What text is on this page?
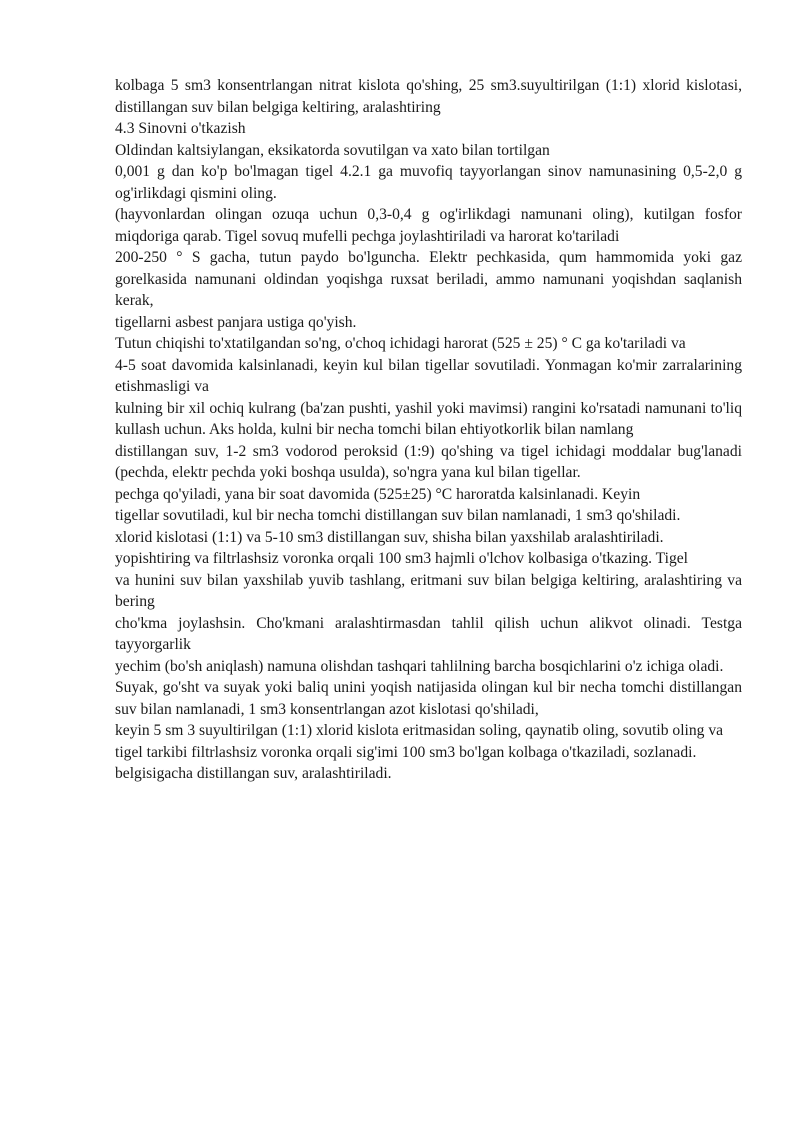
kolbaga 5 sm3 konsentrlangan nitrat kislota qo'shing, 25 sm3.suyultirilgan (1:1) xlorid kislotasi, distillangan suv bilan belgiga keltiring, aralashtiring

4.3 Sinovni o'tkazish

Oldindan kaltsiylangan, eksikatorda sovutilgan va xato bilan tortilgan

0,001 g dan ko'p bo'lmagan tigel 4.2.1 ga muvofiq tayyorlangan sinov namunasining 0,5-2,0 g og'irlikdagi qismini oling.

(hayvonlardan olingan ozuqa uchun 0,3-0,4 g og'irlikdagi namunani oling), kutilgan fosfor miqdoriga qarab. Tigel sovuq mufelli pechga joylashtiriladi va harorat ko'tariladi

200-250 ° S gacha, tutun paydo bo'lguncha. Elektr pechkasida, qum hammomida yoki gaz gorelkasida namunani oldindan yoqishga ruxsat beriladi, ammo namunani yoqishdan saqlanish kerak,

tigellarni asbest panjara ustiga qo'yish.

Tutun chiqishi to'xtatilgandan so'ng, o'choq ichidagi harorat (525 ± 25) ° C ga ko'tariladi va

4-5 soat davomida kalsinlanadi, keyin kul bilan tigellar sovutiladi. Yonmagan ko'mir zarralarining etishmasligi va

kulning bir xil ochiq kulrang (ba'zan pushti, yashil yoki mavimsi) rangini ko'rsatadi namunani to'liq kullash uchun. Aks holda, kulni bir necha tomchi bilan ehtiyotkorlik bilan namlang

distillangan suv, 1-2 sm3 vodorod peroksid (1:9) qo'shing va tigel ichidagi moddalar bug'lanadi (pechda, elektr pechda yoki boshqa usulda), so'ngra yana kul bilan tigellar.

pechga qo'yiladi, yana bir soat davomida (525±25) °C haroratda kalsinlanadi. Keyin

tigellar sovutiladi, kul bir necha tomchi distillangan suv bilan namlanadi, 1 sm3 qo'shiladi.

xlorid kislotasi (1:1) va 5-10 sm3 distillangan suv, shisha bilan yaxshilab aralashtiriladi.

yopishtiring va filtrlashsiz voronka orqali 100 sm3 hajmli o'lchov kolbasiga o'tkazing. Tigel

va hunini suv bilan yaxshilab yuvib tashlang, eritmani suv bilan belgiga keltiring, aralashtiring va bering

cho'kma joylashsin. Cho'kmani aralashtirmasdan tahlil qilish uchun alikvot olinadi. Testga tayyorgarlik

yechim (bo'sh aniqlash) namuna olishdan tashqari tahlilning barcha bosqichlarini o'z ichiga oladi.

Suyak, go'sht va suyak yoki baliq unini yoqish natijasida olingan kul bir necha tomchi distillangan suv bilan namlanadi, 1 sm3 konsentrlangan azot kislotasi qo'shiladi,

keyin 5 sm 3 suyultirilgan (1:1) xlorid kislota eritmasidan soling, qaynatib oling, sovutib oling va

tigel tarkibi filtrlashsiz voronka orqali sig'imi 100 sm3 bo'lgan kolbaga o'tkaziladi, sozlanadi.

belgisigacha distillangan suv, aralashtiriladi.
